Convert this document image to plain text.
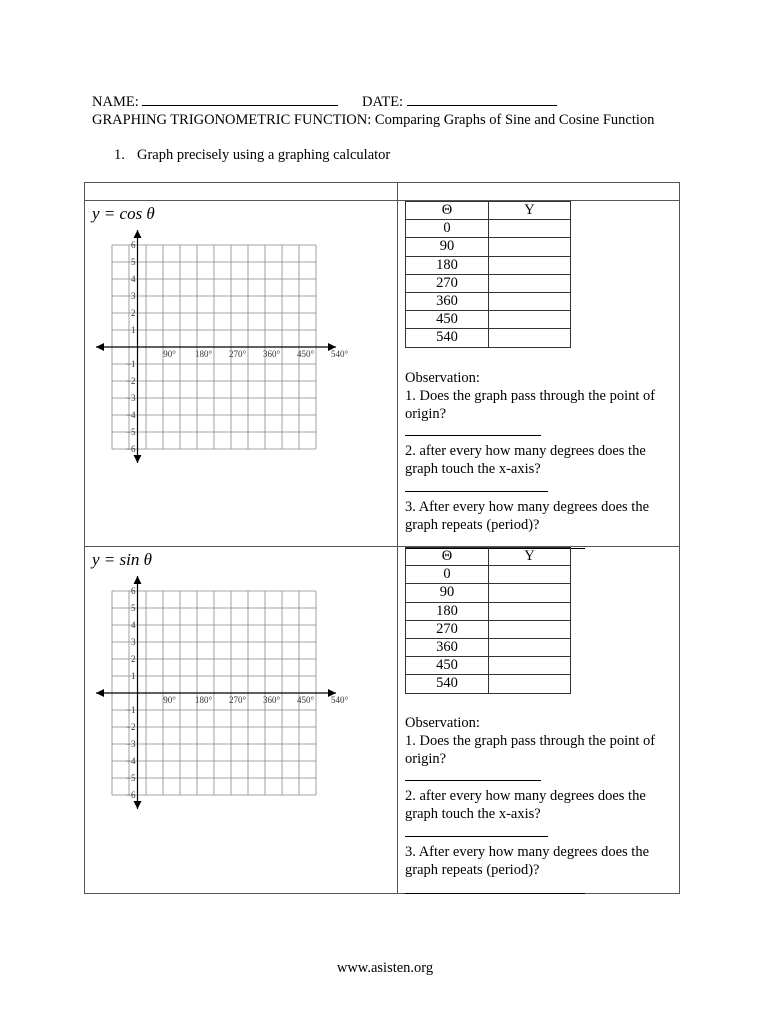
NAME:	DATE:
GRAPHING TRIGONOMETRIC FUNCTION: Comparing Graphs of Sine and Cosine Function
1. Graph precisely using a graphing calculator
y = cos θ
6
5
4
3
2
1
−1
−2
−3
−4
−5
−6
90° 180° 270° 360° 450° 540°
Θ	Y
0	
90	
180	
270	
360	
450	
540	

Observation:

1. Does the graph pass through the point of origin?

2. after every how many degrees does the graph touch the x-axis?

3. After every how many degrees does the graph repeats (period)?

y = sin θ
6
5
4
3
2
1
−1
−2
−3
−4
−5
−6
90° 180° 270° 360° 450° 540°
Θ	Y
0	
90	
180	
270	
360	
450	
540	

Observation:

1. Does the graph pass through the point of origin?

2. after every how many degrees does the graph touch the x-axis?

3. After every how many degrees does the graph repeats (period)?

www.asisten.org
